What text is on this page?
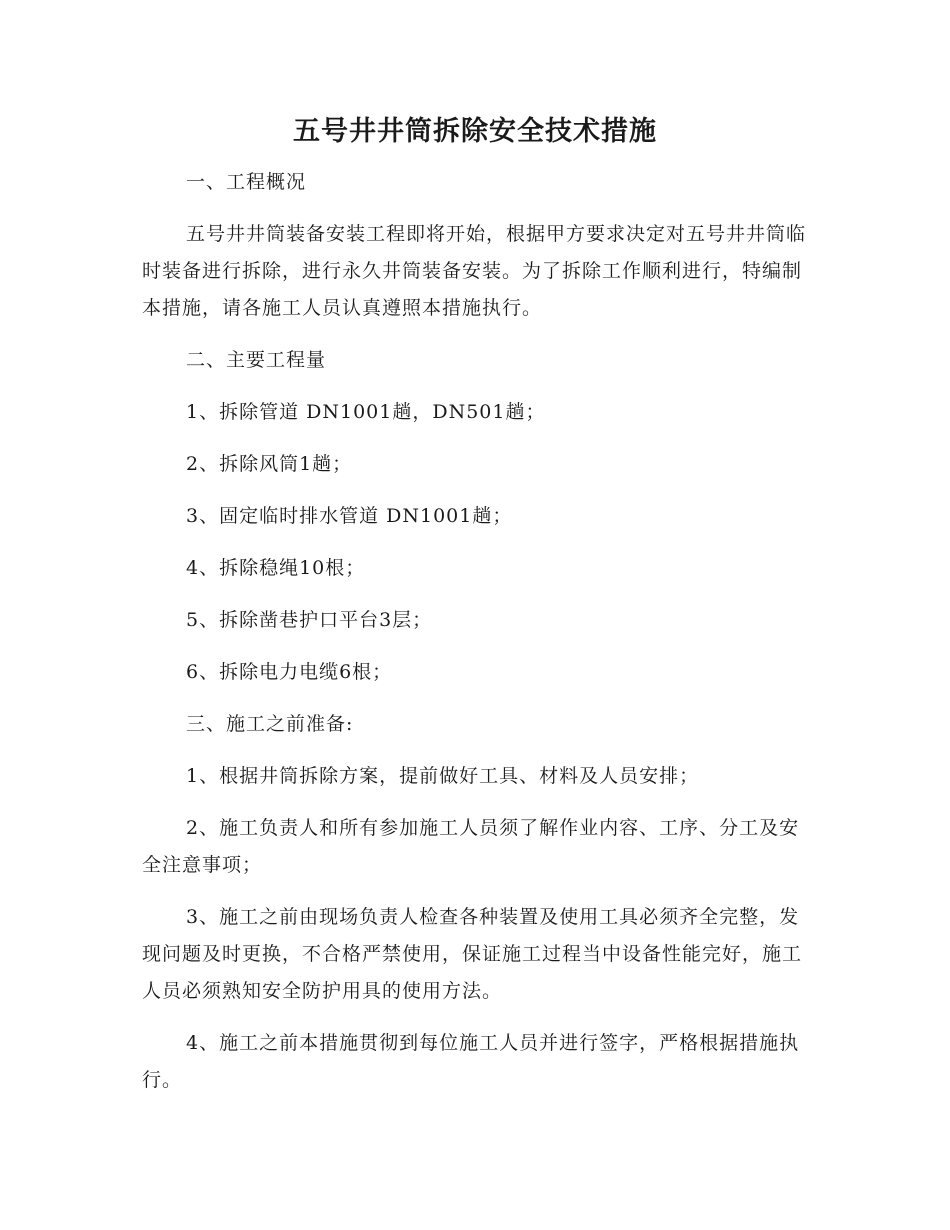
五号井井筒拆除安全技术措施

一、工程概况

五号井井筒装备安装工程即将开始，根据甲方要求决定对五号井井筒临时装备进行拆除，进行永久井筒装备安装。为了拆除工作顺利进行，特编制本措施，请各施工人员认真遵照本措施执行。

二、主要工程量

1、拆除管道 DN1001趟，DN501趟；

2、拆除风筒1趟；

3、固定临时排水管道 DN1001趟；

4、拆除稳绳10根；

5、拆除凿巷护口平台3层；

6、拆除电力电缆6根；

三、施工之前准备:

1、根据井筒拆除方案，提前做好工具、材料及人员安排；

2、施工负责人和所有参加施工人员须了解作业内容、工序、分工及安全注意事项；

3、施工之前由现场负责人检查各种装置及使用工具必须齐全完整，发现问题及时更换，不合格严禁使用，保证施工过程当中设备性能完好，施工人员必须熟知安全防护用具的使用方法。

4、施工之前本措施贯彻到每位施工人员并进行签字，严格根据措施执行。
